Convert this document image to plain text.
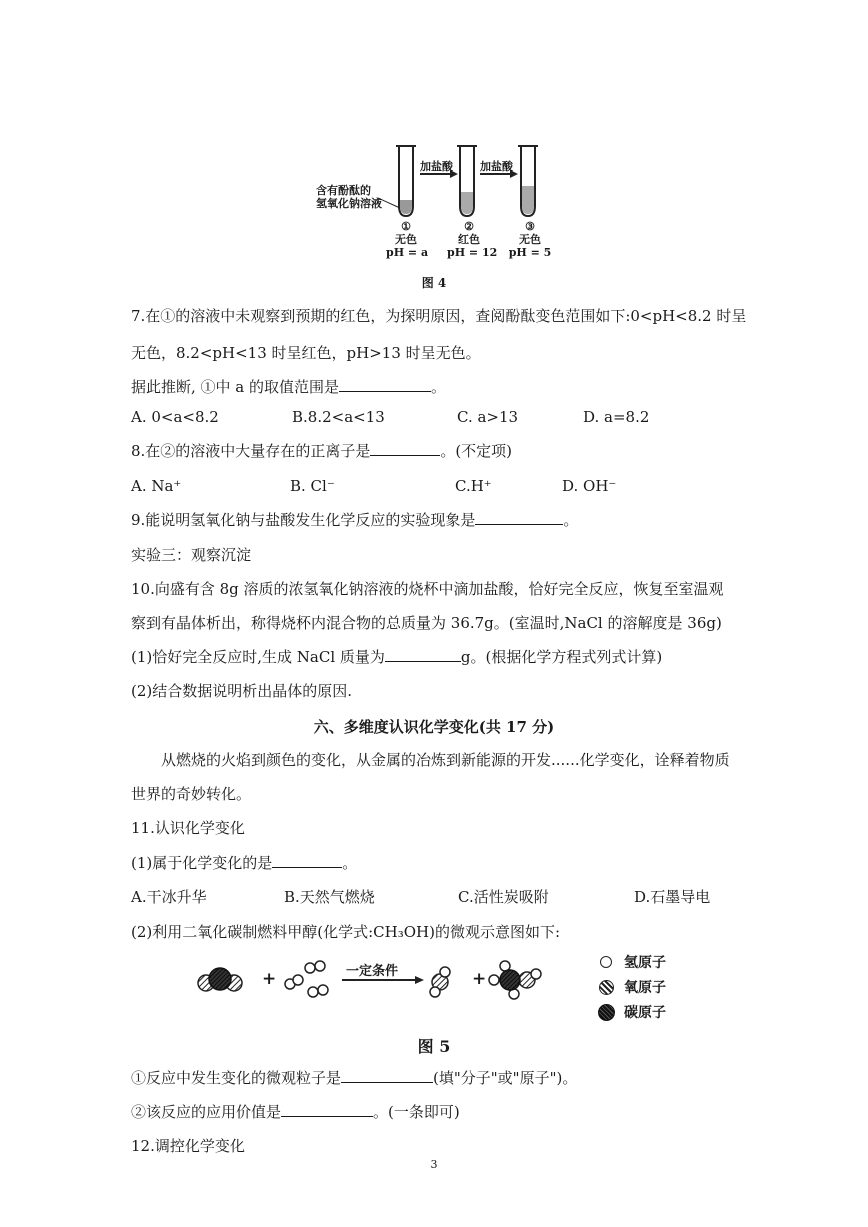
含有酚酞的
氢氧化钠溶液
加盐酸 加盐酸
①
无色
pH = a
②
红色
pH = 12
③
无色
pH = 5
图 4
7.在①的溶液中未观察到预期的红色，为探明原因，查阅酚酞变色范围如下:0<pH<8.2 时呈
无色，8.2<pH<13 时呈红色，pH>13 时呈无色。
据此推断, ①中 a 的取值范围是	。
A. 0<a<8.2	B.8.2<a<13	C. a>13	D. a=8.2
8.在②的溶液中大量存在的正离子是	。(不定项)
A. Na⁺	B. Cl⁻	C.H⁺	D. OH⁻
9.能说明氢氧化钠与盐酸发生化学反应的实验现象是	。
实验三：观察沉淀
10.向盛有含 8g 溶质的浓氢氧化钠溶液的烧杯中滴加盐酸，恰好完全反应，恢复至室温观
察到有晶体析出，称得烧杯内混合物的总质量为 36.7g。(室温时,NaCl 的溶解度是 36g)
(1)恰好完全反应时,生成 NaCl 质量为	g。(根据化学方程式列式计算)
(2)结合数据说明析出晶体的原因.
六、多维度认识化学变化(共 17 分)
从燃烧的火焰到颜色的变化，从金属的冶炼到新能源的开发......化学变化，诠释着物质
世界的奇妙转化。
11.认识化学变化
(1)属于化学变化的是	。
A.干冰升华	B.天然气燃烧	C.活性炭吸附	D.石墨导电
(2)利用二氧化碳制燃料甲醇(化学式:CH₃OH)的微观示意图如下:
+	+
一定条件
氢原子
氧原子
碳原子
图 5
①反应中发生变化的微观粒子是	(填"分子"或"原子")。
②该反应的应用价值是	。(一条即可)
12.调控化学变化
3
